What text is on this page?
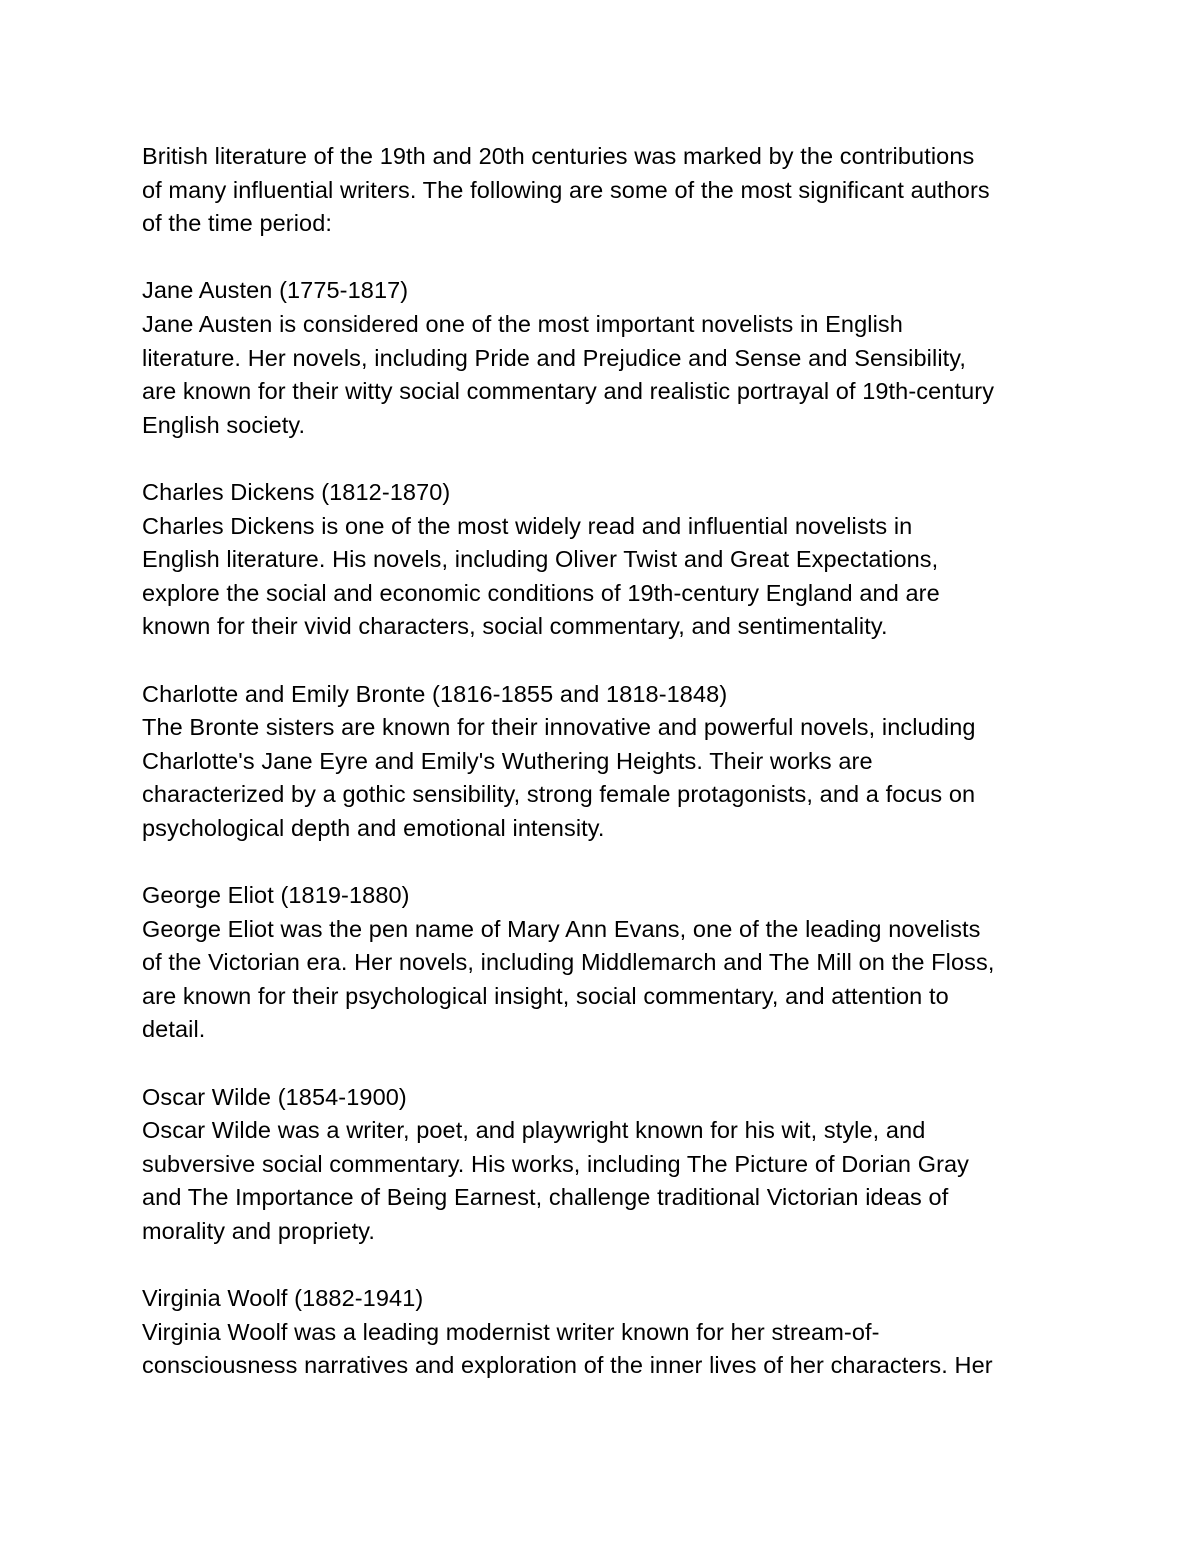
British literature of the 19th and 20th centuries was marked by the contributions
of many influential writers. The following are some of the most significant authors
of the time period:
Jane Austen (1775-1817)
Jane Austen is considered one of the most important novelists in English
literature. Her novels, including Pride and Prejudice and Sense and Sensibility,
are known for their witty social commentary and realistic portrayal of 19th-century
English society.
Charles Dickens (1812-1870)
Charles Dickens is one of the most widely read and influential novelists in
English literature. His novels, including Oliver Twist and Great Expectations,
explore the social and economic conditions of 19th-century England and are
known for their vivid characters, social commentary, and sentimentality.
Charlotte and Emily Bronte (1816-1855 and 1818-1848)
The Bronte sisters are known for their innovative and powerful novels, including
Charlotte's Jane Eyre and Emily's Wuthering Heights. Their works are
characterized by a gothic sensibility, strong female protagonists, and a focus on
psychological depth and emotional intensity.
George Eliot (1819-1880)
George Eliot was the pen name of Mary Ann Evans, one of the leading novelists
of the Victorian era. Her novels, including Middlemarch and The Mill on the Floss,
are known for their psychological insight, social commentary, and attention to
detail.
Oscar Wilde (1854-1900)
Oscar Wilde was a writer, poet, and playwright known for his wit, style, and
subversive social commentary. His works, including The Picture of Dorian Gray
and The Importance of Being Earnest, challenge traditional Victorian ideas of
morality and propriety.
Virginia Woolf (1882-1941)
Virginia Woolf was a leading modernist writer known for her stream-of-
consciousness narratives and exploration of the inner lives of her characters. Her
